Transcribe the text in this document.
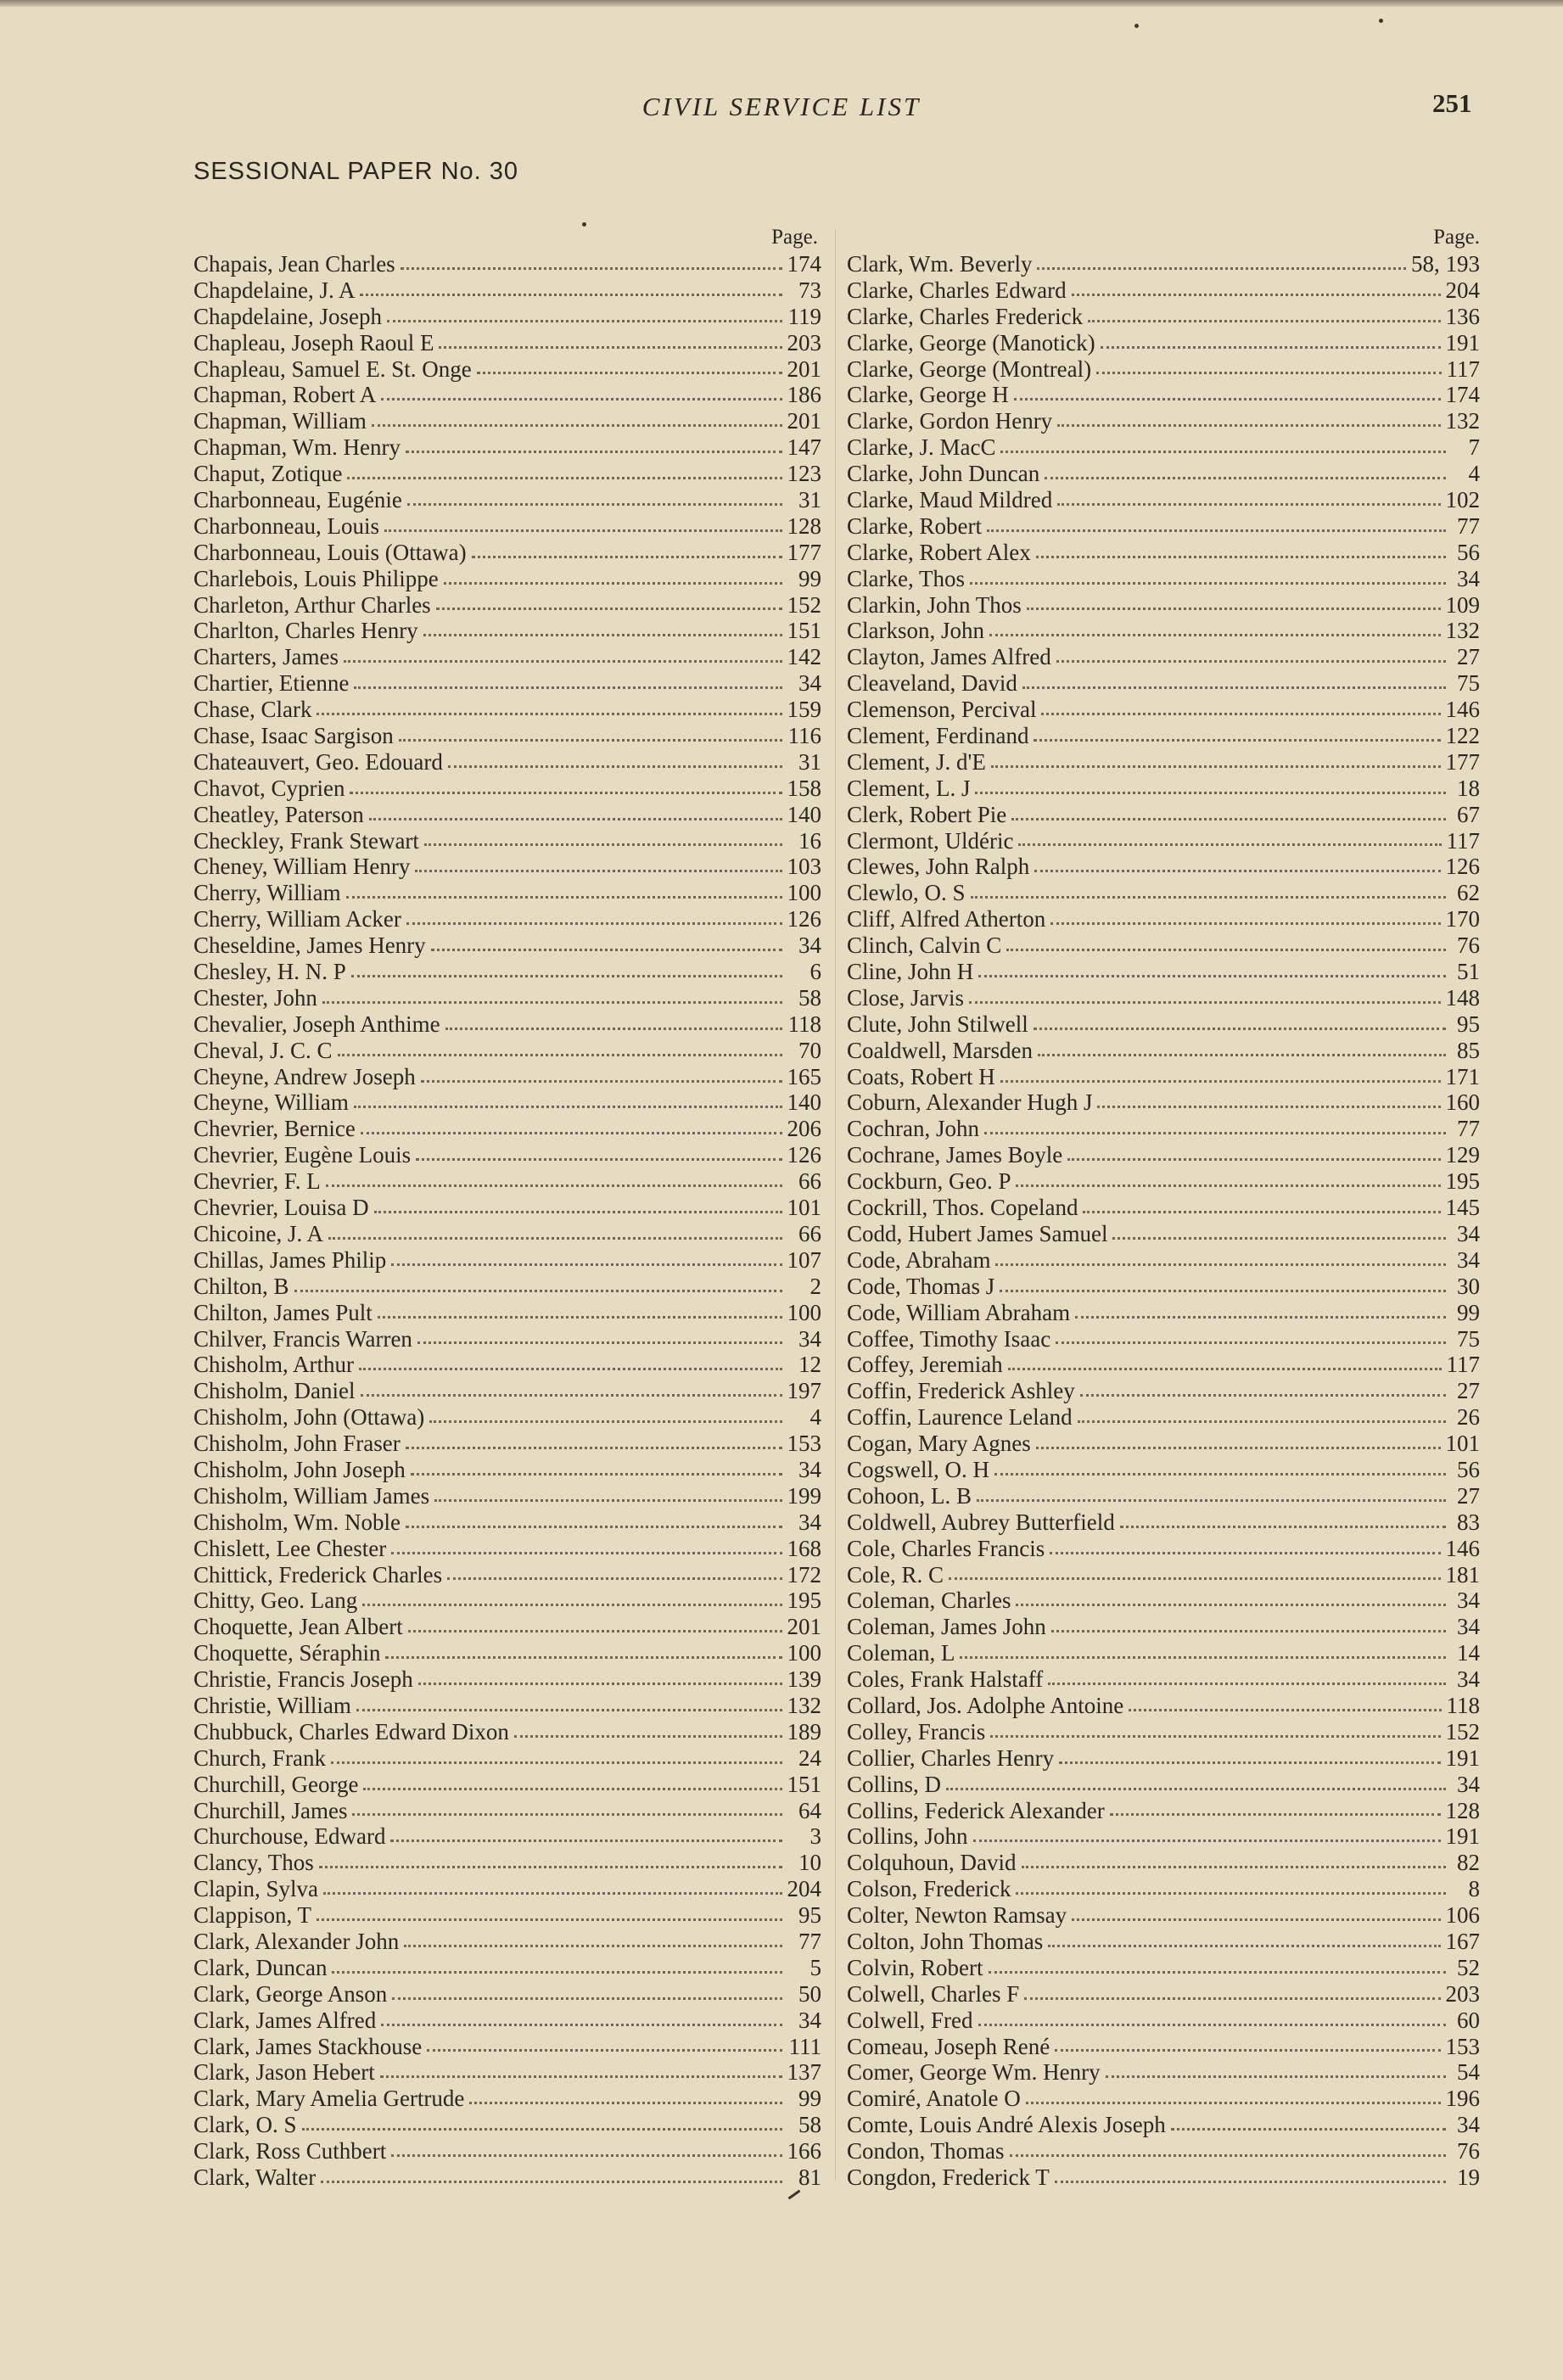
CIVIL SERVICE LIST	251
SESSIONAL PAPER No. 30
Page.
Chapais, Jean Charles	174
Chapdelaine, J. A	73
Chapdelaine, Joseph	119
Chapleau, Joseph Raoul E	203
Chapleau, Samuel E. St. Onge	201
Chapman, Robert A	186
Chapman, William	201
Chapman, Wm. Henry	147
Chaput, Zotique	123
Charbonneau, Eugénie	31
Charbonneau, Louis	128
Charbonneau, Louis (Ottawa)	177
Charlebois, Louis Philippe	99
Charleton, Arthur Charles	152
Charlton, Charles Henry	151
Charters, James	142
Chartier, Etienne	34
Chase, Clark	159
Chase, Isaac Sargison	116
Chateauvert, Geo. Edouard	31
Chavot, Cyprien	158
Cheatley, Paterson	140
Checkley, Frank Stewart	16
Cheney, William Henry	103
Cherry, William	100
Cherry, William Acker	126
Cheseldine, James Henry	34
Chesley, H. N. P	6
Chester, John	58
Chevalier, Joseph Anthime	118
Cheval, J. C. C	70
Cheyne, Andrew Joseph	165
Cheyne, William	140
Chevrier, Bernice	206
Chevrier, Eugène Louis	126
Chevrier, F. L	66
Chevrier, Louisa D	101
Chicoine, J. A	66
Chillas, James Philip	107
Chilton, B	2
Chilton, James Pult	100
Chilver, Francis Warren	34
Chisholm, Arthur	12
Chisholm, Daniel	197
Chisholm, John (Ottawa)	4
Chisholm, John Fraser	153
Chisholm, John Joseph	34
Chisholm, William James	199
Chisholm, Wm. Noble	34
Chislett, Lee Chester	168
Chittick, Frederick Charles	172
Chitty, Geo. Lang	195
Choquette, Jean Albert	201
Choquette, Séraphin	100
Christie, Francis Joseph	139
Christie, William	132
Chubbuck, Charles Edward Dixon	189
Church, Frank	24
Churchill, George	151
Churchill, James	64
Churchouse, Edward	3
Clancy, Thos	10
Clapin, Sylva	204
Clappison, T	95
Clark, Alexander John	77
Clark, Duncan	5
Clark, George Anson	50
Clark, James Alfred	34
Clark, James Stackhouse	111
Clark, Jason Hebert	137
Clark, Mary Amelia Gertrude	99
Clark, O. S	58
Clark, Ross Cuthbert	166
Clark, Walter	81
Page.
Clark, Wm. Beverly	58, 193
Clarke, Charles Edward	204
Clarke, Charles Frederick	136
Clarke, George (Manotick)	191
Clarke, George (Montreal)	117
Clarke, George H	174
Clarke, Gordon Henry	132
Clarke, J. MacC	7
Clarke, John Duncan	4
Clarke, Maud Mildred	102
Clarke, Robert	77
Clarke, Robert Alex	56
Clarke, Thos	34
Clarkin, John Thos	109
Clarkson, John	132
Clayton, James Alfred	27
Cleaveland, David	75
Clemenson, Percival	146
Clement, Ferdinand	122
Clement, J. d'E	177
Clement, L. J	18
Clerk, Robert Pie	67
Clermont, Uldéric	117
Clewes, John Ralph	126
Clewlo, O. S	62
Cliff, Alfred Atherton	170
Clinch, Calvin C	76
Cline, John H	51
Close, Jarvis	148
Clute, John Stilwell	95
Coaldwell, Marsden	85
Coats, Robert H	171
Coburn, Alexander Hugh J	160
Cochran, John	77
Cochrane, James Boyle	129
Cockburn, Geo. P	195
Cockrill, Thos. Copeland	145
Codd, Hubert James Samuel	34
Code, Abraham	34
Code, Thomas J	30
Code, William Abraham	99
Coffee, Timothy Isaac	75
Coffey, Jeremiah	117
Coffin, Frederick Ashley	27
Coffin, Laurence Leland	26
Cogan, Mary Agnes	101
Cogswell, O. H	56
Cohoon, L. B	27
Coldwell, Aubrey Butterfield	83
Cole, Charles Francis	146
Cole, R. C	181
Coleman, Charles	34
Coleman, James John	34
Coleman, L	14
Coles, Frank Halstaff	34
Collard, Jos. Adolphe Antoine	118
Colley, Francis	152
Collier, Charles Henry	191
Collins, D	34
Collins, Federick Alexander	128
Collins, John	191
Colquhoun, David	82
Colson, Frederick	8
Colter, Newton Ramsay	106
Colton, John Thomas	167
Colvin, Robert	52
Colwell, Charles F	203
Colwell, Fred	60
Comeau, Joseph René	153
Comer, George Wm. Henry	54
Comiré, Anatole O	196
Comte, Louis André Alexis Joseph	34
Condon, Thomas	76
Congdon, Frederick T	19
